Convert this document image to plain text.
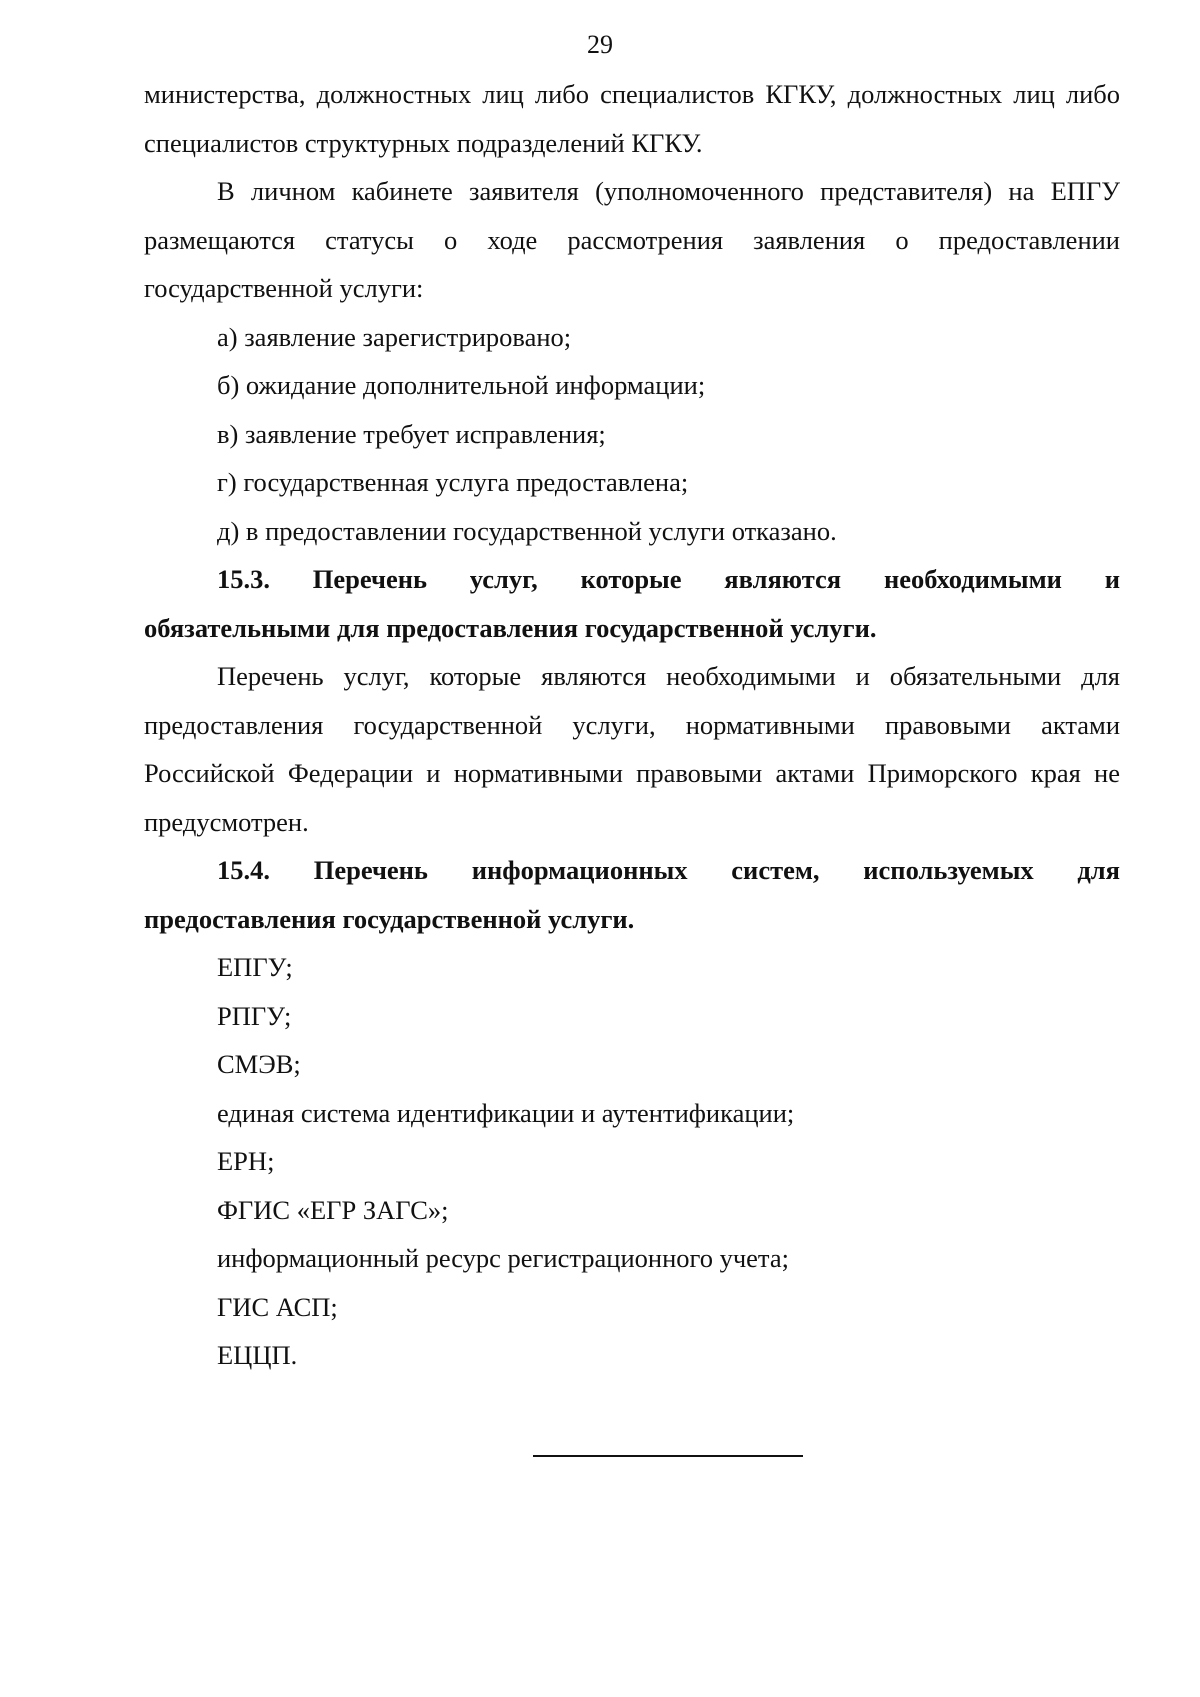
29

министерства, должностных лиц либо специалистов КГКУ, должностных лиц либо специалистов структурных подразделений КГКУ.

В личном кабинете заявителя (уполномоченного представителя) на ЕПГУ размещаются статусы о ходе рассмотрения заявления о предоставлении государственной услуги:

а) заявление зарегистрировано;

б) ожидание дополнительной информации;

в) заявление требует исправления;

г) государственная услуга предоставлена;

д) в предоставлении государственной услуги отказано.

15.3. Перечень услуг, которые являются необходимыми и

обязательными для предоставления государственной услуги.

Перечень услуг, которые являются необходимыми и обязательными для предоставления государственной услуги, нормативными правовыми актами Российской Федерации и нормативными правовыми актами Приморского края не предусмотрен.

15.4. Перечень информационных систем, используемых для

предоставления государственной услуги.

ЕПГУ;

РПГУ;

СМЭВ;

единая система идентификации и аутентификации;

ЕРН;

ФГИС «ЕГР ЗАГС»;

информационный ресурс регистрационного учета;

ГИС АСП;

ЕЦЦП.
